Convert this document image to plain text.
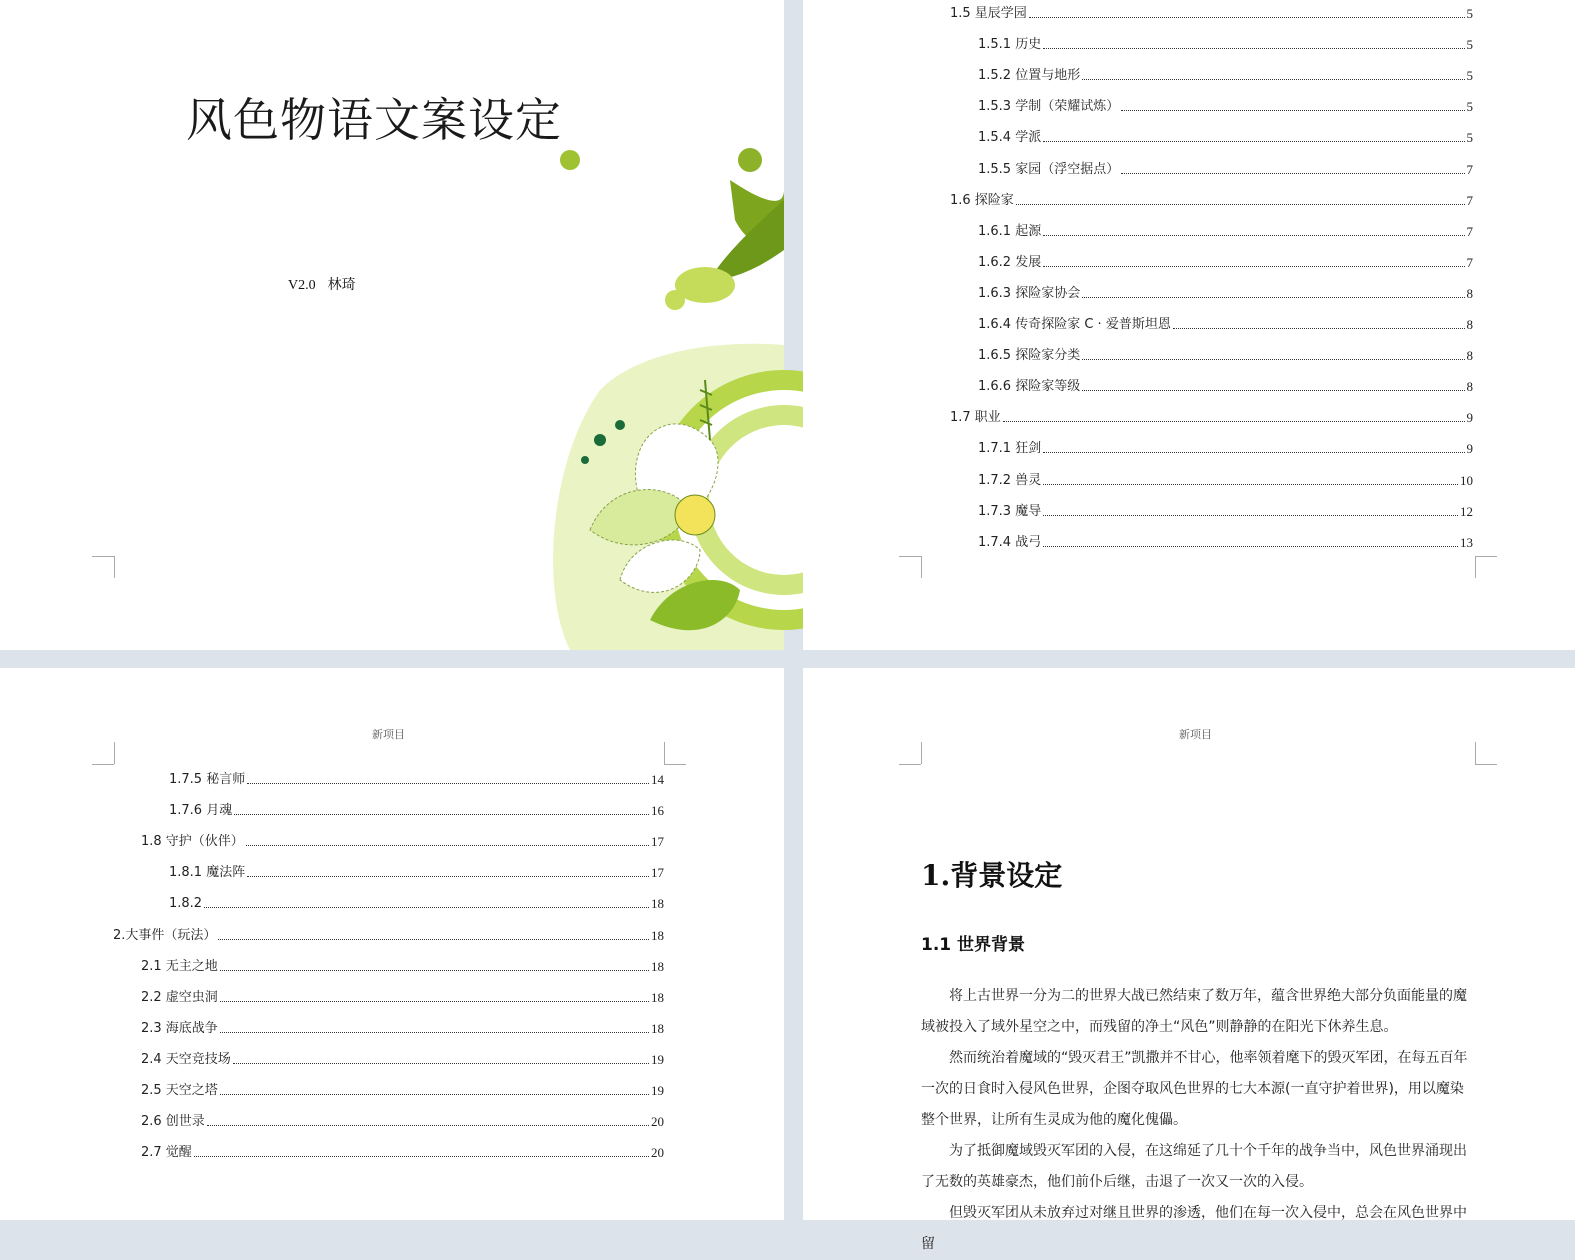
风色物语文案设定
V2.0 林琦
1.5 星辰学园	5
1.5.1 历史	5
1.5.2 位置与地形	5
1.5.3 学制（荣耀试炼）	5
1.5.4 学派	5
1.5.5 家园（浮空据点）	7
1.6 探险家	7
1.6.1 起源	7
1.6.2 发展	7
1.6.3 探险家协会	8
1.6.4 传奇探险家 C · 爱普斯坦恩	8
1.6.5 探险家分类	8
1.6.6 探险家等级	8
1.7 职业	9
1.7.1 狂剑	9
1.7.2 兽灵	10
1.7.3 魔导	12
1.7.4 战弓	13
新项目
1.7.5 秘言师	14
1.7.6 月魂	16
1.8 守护（伙伴）	17
1.8.1 魔法阵	17
1.8.2	18
2.大事件（玩法）	18
2.1 无主之地	18
2.2 虚空虫洞	18
2.3 海底战争	18
2.4 天空竞技场	19
2.5 天空之塔	19
2.6 创世录	20
2.7 觉醒	20
新项目
1.背景设定
1.1 世界背景

将上古世界一分为二的世界大战已然结束了数万年，蕴含世界绝大部分负面能量的魔域被投入了域外星空之中，而残留的净土“风色”则静静的在阳光下休养生息。

然而统治着魔域的“毁灭君王”凯撒并不甘心，他率领着麾下的毁灭军团，在每五百年一次的日食时入侵风色世界，企图夺取风色世界的七大本源(一直守护着世界)，用以魔染整个世界，让所有生灵成为他的魔化傀儡。

为了抵御魔域毁灭军团的入侵，在这绵延了几十个千年的战争当中，风色世界涌现出了无数的英雄豪杰，他们前仆后继，击退了一次又一次的入侵。

但毁灭军团从未放弃过对继且世界的渗透，他们在每一次入侵中，总会在风色世界中留
